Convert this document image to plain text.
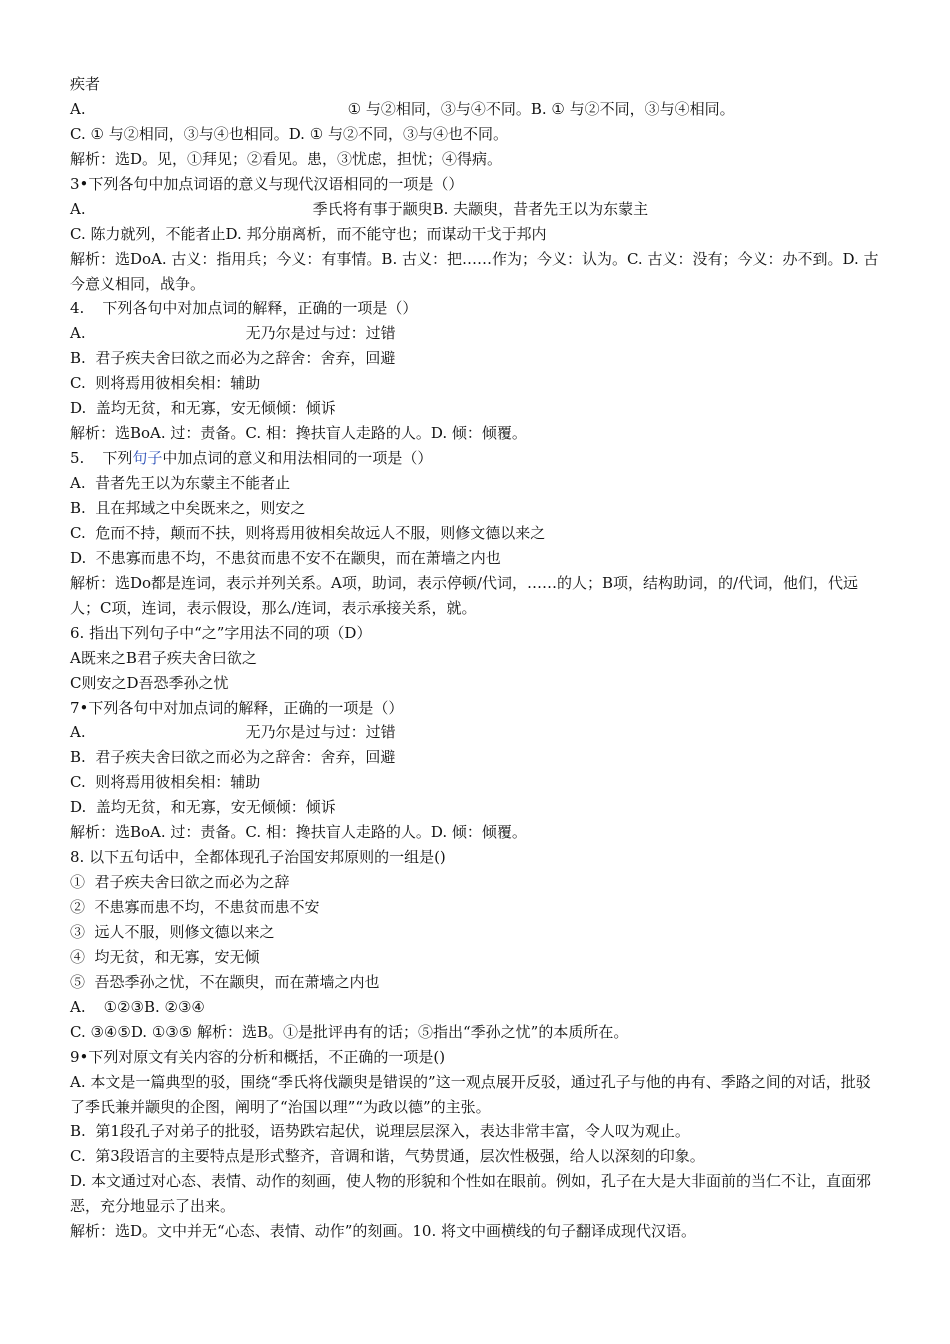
疾者
A.	① 与②相同，③与④不同。B. ① 与②不同，③与④相同。
C. ① 与②相同，③与④也相同。D. ① 与②不同，③与④也不同。
解析：选D。见，①拜见；②看见。患，③忧虑，担忧；④得病。
3•下列各句中加点词语的意义与现代汉语相同的一项是（）
A.	季氏将有事于颛臾B. 夫颛臾，昔者先王以为东蒙主
C. 陈力就列，不能者止D. 邦分崩离析，而不能守也；而谋动干戈于邦内
解析：选DoA. 古义：指用兵；今义：有事情。B. 古义：把……作为；今义：认为。C. 古义：没有；今义：办不到。D. 古今意义相同，战争。
4. 下列各句中对加点词的解释，正确的一项是（）
A.	无乃尔是过与过：过错
B.  君子疾夫舍曰欲之而必为之辞舍：舍弃，回避
C.  则将焉用彼相矣相：辅助
D.  盖均无贫，和无寡，安无倾倾：倾诉
解析：选BoA. 过：责备。C. 相：搀扶盲人走路的人。D. 倾：倾覆。
5. 下列句子中加点词的意义和用法相同的一项是（）
A.  昔者先王以为东蒙主不能者止
B.  且在邦域之中矣既来之，则安之
C.  危而不持，颠而不扶，则将焉用彼相矣故远人不服，则修文德以来之
D.  不患寡而患不均，不患贫而患不安不在颛臾，而在萧墙之内也
解析：选Do都是连词，表示并列关系。A项，助词，表示停顿/代词，……的人；B项，结构助词，的/代词，他们，代远人；C项，连词，表示假设，那么/连词，表示承接关系，就。
6. 指出下列句子中“之”字用法不同的项（D）
A既来之B君子疾夫舍曰欲之
C则安之D吾恐季孙之忧
7•下列各句中对加点词的解释，正确的一项是（）
A.	无乃尔是过与过：过错
B.  君子疾夫舍曰欲之而必为之辞舍：舍弃，回避
C.  则将焉用彼相矣相：辅助
D.  盖均无贫，和无寡，安无倾倾：倾诉
解析：选BoA. 过：责备。C. 相：搀扶盲人走路的人。D. 倾：倾覆。
8. 以下五句话中，全都体现孔子治国安邦原则的一组是()
①  君子疾夫舍曰欲之而必为之辞
②  不患寡而患不均，不患贫而患不安
③  远人不服，则修文德以来之
④  均无贫，和无寡，安无倾
⑤  吾恐季孙之忧，不在颛臾，而在萧墙之内也
A. ①②③B. ②③④
C. ③④⑤D. ①③⑤ 解析：选B。①是批评冉有的话；⑤指出“季孙之忧”的本质所在。
9•下列对原文有关内容的分析和概括，不正确的一项是()
A. 本文是一篇典型的驳，围绕“季氏将伐颛臾是错误的”这一观点展开反驳，通过孔子与他的冉有、季路之间的对话，批驳了季氏兼并颛臾的企图，阐明了“治国以理”“为政以德”的主张。
B.  第1段孔子对弟子的批驳，语势跌宕起伏，说理层层深入，表达非常丰富，令人叹为观止。
C.  第3段语言的主要特点是形式整齐，音调和谐，气势贯通，层次性极强，给人以深刻的印象。
D. 本文通过对心态、表情、动作的刻画，使人物的形貌和个性如在眼前。例如，孔子在大是大非面前的当仁不让，直面邪恶，充分地显示了出来。
解析：选D。文中并无“心态、表情、动作”的刻画。10. 将文中画横线的句子翻译成现代汉语。
